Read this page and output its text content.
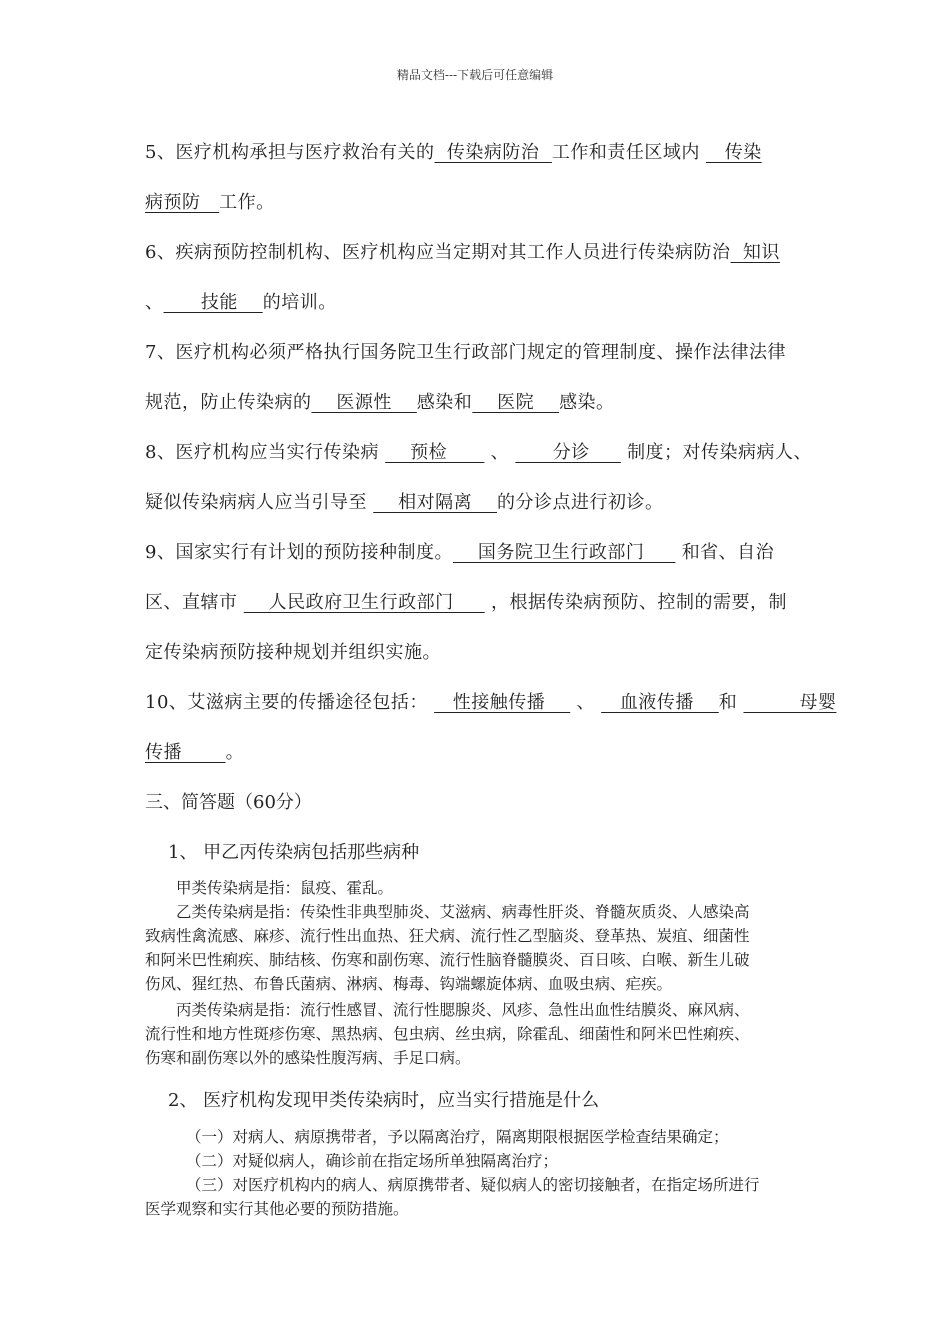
精品文档---下载后可任意编辑
5、医疗机构承担与医疗救治有关的  传染病防治  工作和责任区域内    传染
病预防   工作。
6、疾病预防控制机构、医疗机构应当定期对其工作人员进行传染病防治  知识
、      技能    的培训。
7、医疗机构必须严格执行国务院卫生行政部门规定的管理制度、操作法律法律
规范，防止传染病的    医源性    感染和    医院    感染。
8、医疗机构应当实行传染病     预检       、       分诊      制度；对传染病病人、
疑似传染病病人应当引导至     相对隔离    的分诊点进行初诊。
9、国家实行有计划的预防接种制度。    国务院卫生行政部门      和省、自治
区、直辖市     人民政府卫生行政部门      ，根据传染病预防、控制的需要，制
定传染病预防接种规划并组织实施。
10、艾滋病主要的传播途径包括：    性接触传播     、    血液传播    和          母婴
传播       。
三、简答题（60分）
1、 甲乙丙传染病包括那些病种
甲类传染病是指：鼠疫、霍乱。
乙类传染病是指：传染性非典型肺炎、艾滋病、病毒性肝炎、脊髓灰质炎、人感染高
致病性禽流感、麻疹、流行性出血热、狂犬病、流行性乙型脑炎、登革热、炭疽、细菌性
和阿米巴性痢疾、肺结核、伤寒和副伤寒、流行性脑脊髓膜炎、百日咳、白喉、新生儿破
伤风、猩红热、布鲁氏菌病、淋病、梅毒、钩端螺旋体病、血吸虫病、疟疾。
丙类传染病是指：流行性感冒、流行性腮腺炎、风疹、急性出血性结膜炎、麻风病、
流行性和地方性斑疹伤寒、黑热病、包虫病、丝虫病，除霍乱、细菌性和阿米巴性痢疾、
伤寒和副伤寒以外的感染性腹泻病、手足口病。
2、 医疗机构发现甲类传染病时，应当实行措施是什么
（一）对病人、病原携带者，予以隔离治疗，隔离期限根据医学检查结果确定；
（二）对疑似病人，确诊前在指定场所单独隔离治疗；
（三）对医疗机构内的病人、病原携带者、疑似病人的密切接触者，在指定场所进行
医学观察和实行其他必要的预防措施。
